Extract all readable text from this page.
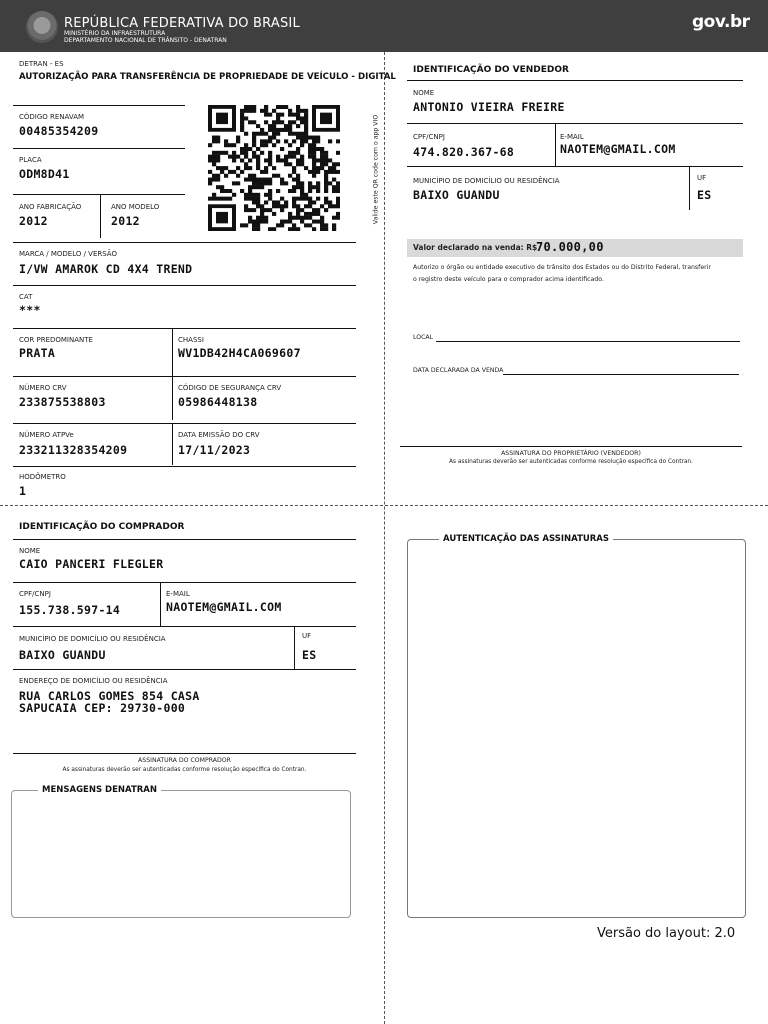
REPÚBLICA FEDERATIVA DO BRASIL
MINISTÉRIO DA INFRAESTRUTURA
DEPARTAMENTO NACIONAL DE TRÂNSITO - DENATRAN
gov.br
DETRAN - ES
AUTORIZAÇÃO PARA TRANSFERÊNCIA DE PROPRIEDADE DE VEÍCULO - DIGITAL
CÓDIGO RENAVAM
00485354209
PLACA
ODM8D41
ANO FABRICAÇÃO
2012
ANO MODELO
2012	Valide este QR code com o app VIO
MARCA / MODELO / VERSÃO
I/VW AMAROK CD 4X4 TREND
CAT
***
COR PREDOMINANTE
PRATA
CHASSI
WV1DB42H4CA069607
NÚMERO CRV
233875538803
CÓDIGO DE SEGURANÇA CRV
05986448138
NÚMERO ATPVe
233211328354209
DATA EMISSÃO DO CRV
17/11/2023
HODÔMETRO
1
IDENTIFICAÇÃO DO VENDEDOR
NOME
ANTONIO VIEIRA FREIRE
CPF/CNPJ
474.820.367-68
E-MAIL
NAOTEM@GMAIL.COM
MUNICÍPIO DE DOMICÍLIO OU RESIDÊNCIA
BAIXO GUANDU
UF
ES
Valor declarado na venda: R$
70.000,00
Autorizo o órgão ou entidade executivo de trânsito dos Estados ou do Distrito Federal, transferir
o registro deste veículo para o comprador acima identificado.
LOCAL
DATA DECLARADA DA VENDA
ASSINATURA DO PROPRIETÁRIO (VENDEDOR)
As assinaturas deverão ser autenticadas conforme resolução específica do Contran.
IDENTIFICAÇÃO DO COMPRADOR
NOME
CAIO PANCERI FLEGLER
CPF/CNPJ
155.738.597-14
E-MAIL
NAOTEM@GMAIL.COM
MUNICÍPIO DE DOMICÍLIO OU RESIDÊNCIA
BAIXO GUANDU
UF
ES
ENDEREÇO DE DOMICÍLIO OU RESIDÊNCIA
RUA CARLOS GOMES 854 CASA
SAPUCAIA CEP: 29730-000
ASSINATURA DO COMPRADOR
As assinaturas deverão ser autenticadas conforme resolução específica do Contran.
MENSAGENS DENATRAN
AUTENTICAÇÃO DAS ASSINATURAS
Versão do layout: 2.0
